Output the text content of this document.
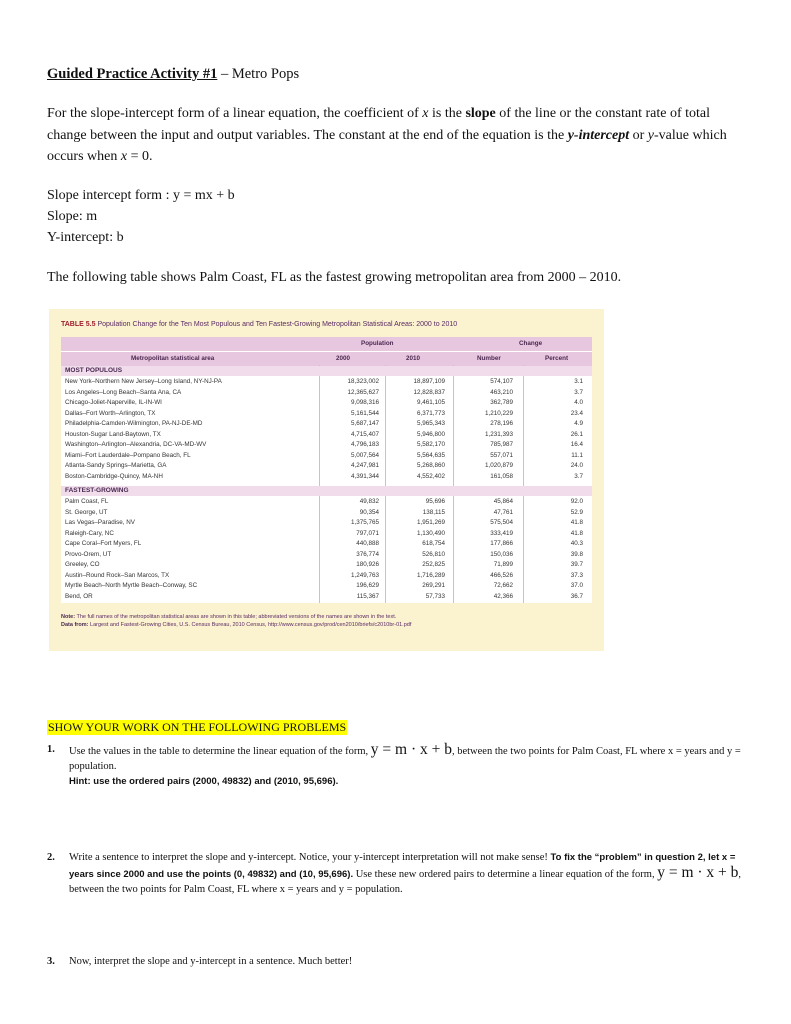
Guided Practice Activity #1 – Metro Pops
For the slope-intercept form of a linear equation, the coefficient of x is the slope of the line or the constant rate of total change between the input and output variables. The constant at the end of the equation is the y-intercept or y-value which occurs when x = 0.
Slope intercept form : y = mx + b
Slope: m
Y-intercept: b
The following table shows Palm Coast, FL as the fastest growing metropolitan area from 2000 – 2010.
TABLE 5.5 Population Change for the Ten Most Populous and Ten Fastest-Growing Metropolitan Statistical Areas: 2000 to 2010
Population	Change
Metropolitan statistical area	2000	2010	Number	Percent
MOST POPULOUS
New York–Northern New Jersey–Long Island, NY-NJ-PA	18,323,002	18,897,109	574,107	3.1
Los Angeles–Long Beach–Santa Ana, CA	12,365,627	12,828,837	463,210	3.7
Chicago-Joliet-Naperville, IL-IN-WI	9,098,316	9,461,105	362,789	4.0
Dallas–Fort Worth–Arlington, TX	5,161,544	6,371,773	1,210,229	23.4
Philadelphia-Camden-Wilmington, PA-NJ-DE-MD	5,687,147	5,965,343	278,196	4.9
Houston-Sugar Land-Baytown, TX	4,715,407	5,946,800	1,231,393	26.1
Washington–Arlington–Alexandria, DC-VA-MD-WV	4,796,183	5,582,170	785,987	16.4
Miami–Fort Lauderdale–Pompano Beach, FL	5,007,564	5,564,635	557,071	11.1
Atlanta-Sandy Springs–Marietta, GA	4,247,981	5,268,860	1,020,879	24.0
Boston-Cambridge-Quincy, MA-NH	4,391,344	4,552,402	161,058	3.7
FASTEST-GROWING
Palm Coast, FL	49,832	95,696	45,864	92.0
St. George, UT	90,354	138,115	47,761	52.9
Las Vegas–Paradise, NV	1,375,765	1,951,269	575,504	41.8
Raleigh-Cary, NC	797,071	1,130,490	333,419	41.8
Cape Coral–Fort Myers, FL	440,888	618,754	177,866	40.3
Provo-Orem, UT	376,774	526,810	150,036	39.8
Greeley, CO	180,926	252,825	71,899	39.7
Austin–Round Rock–San Marcos, TX	1,249,763	1,716,289	466,526	37.3
Myrtle Beach–North Myrtle Beach–Conway, SC	196,629	269,291	72,662	37.0
Bend, OR	115,367	57,733	42,366	36.7
Note: The full names of the metropolitan statistical areas are shown in this table; abbreviated versions of the names are shown in the text.
Data from: Largest and Fastest-Growing Cities, U.S. Census Bureau, 2010 Census, http://www.census.gov/prod/cen2010/briefs/c2010br-01.pdf
SHOW YOUR WORK ON THE FOLLOWING PROBLEMS
1. Use the values in the table to determine the linear equation of the form, y = m · x + b, between the two points for Palm Coast, FL where x = years and y = population.
Hint: use the ordered pairs (2000, 49832) and (2010, 95,696).
2. Write a sentence to interpret the slope and y-intercept. Notice, your y-intercept interpretation will not make sense! To fix the “problem” in question 2, let x = years since 2000 and use the points (0, 49832) and (10, 95,696). Use these new ordered pairs to determine a linear equation of the form, y = m · x + b, between the two points for Palm Coast, FL where x = years and y = population.
3. Now, interpret the slope and y-intercept in a sentence. Much better!
